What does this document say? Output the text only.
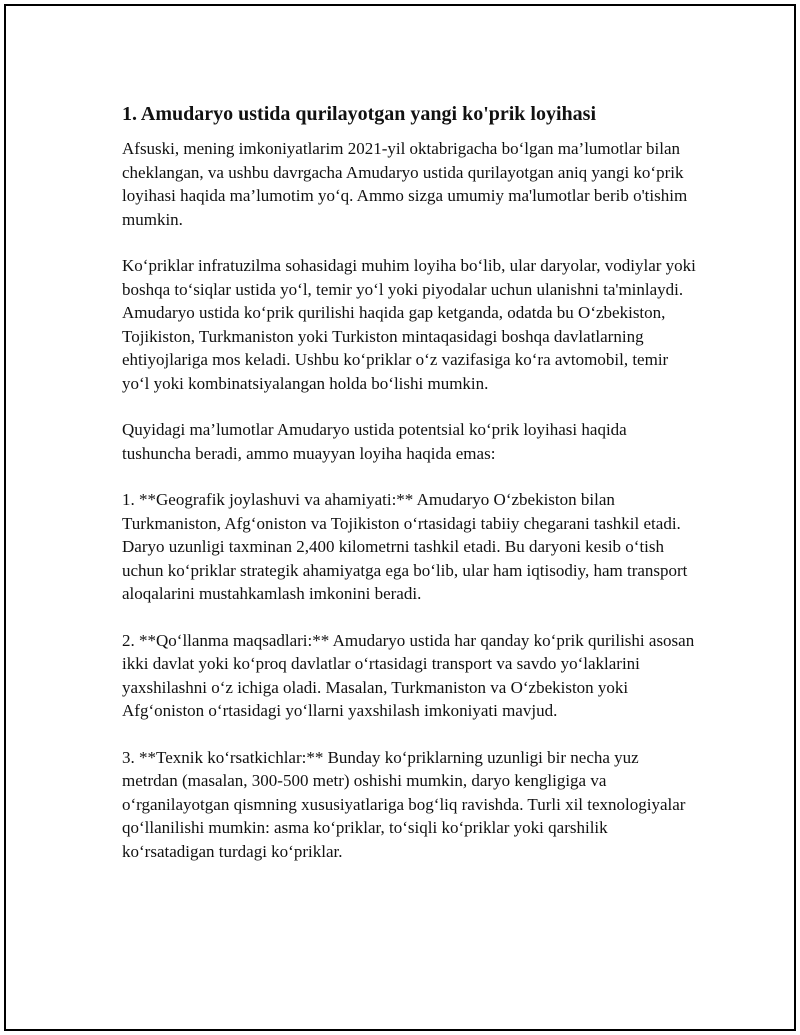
1. Amudaryo ustida qurilayotgan yangi ko'prik loyihasi

Afsuski, mening imkoniyatlarim 2021-yil oktabrigacha bo‘lgan ma’lumotlar bilan cheklangan, va ushbu davrgacha Amudaryo ustida qurilayotgan aniq yangi ko‘prik loyihasi haqida ma’lumotim yo‘q. Ammo sizga umumiy ma'lumotlar berib o'tishim mumkin.

Ko‘priklar infratuzilma sohasidagi muhim loyiha bo‘lib, ular daryolar, vodiylar yoki boshqa to‘siqlar ustida yo‘l, temir yo‘l yoki piyodalar uchun ulanishni ta'minlaydi. Amudaryo ustida ko‘prik qurilishi haqida gap ketganda, odatda bu O‘zbekiston, Tojikiston, Turkmaniston yoki Turkiston mintaqasidagi boshqa davlatlarning ehtiyojlariga mos keladi. Ushbu ko‘priklar o‘z vazifasiga ko‘ra avtomobil, temir yo‘l yoki kombinatsiyalangan holda bo‘lishi mumkin.

Quyidagi ma’lumotlar Amudaryo ustida potentsial ko‘prik loyihasi haqida tushuncha beradi, ammo muayyan loyiha haqida emas:

1. **Geografik joylashuvi va ahamiyati:** Amudaryo O‘zbekiston bilan Turkmaniston, Afg‘oniston va Tojikiston o‘rtasidagi tabiiy chegarani tashkil etadi. Daryo uzunligi taxminan 2,400 kilometrni tashkil etadi. Bu daryoni kesib o‘tish uchun ko‘priklar strategik ahamiyatga ega bo‘lib, ular ham iqtisodiy, ham transport aloqalarini mustahkamlash imkonini beradi.

2. **Qo‘llanma maqsadlari:** Amudaryo ustida har qanday ko‘prik qurilishi asosan ikki davlat yoki ko‘proq davlatlar o‘rtasidagi transport va savdo yo‘laklarini yaxshilashni o‘z ichiga oladi. Masalan, Turkmaniston va O‘zbekiston yoki Afg‘oniston o‘rtasidagi yo‘llarni yaxshilash imkoniyati mavjud.

3. **Texnik ko‘rsatkichlar:** Bunday ko‘priklarning uzunligi bir necha yuz metrdan (masalan, 300-500 metr) oshishi mumkin, daryo kengligiga va o‘rganilayotgan qismning xususiyatlariga bog‘liq ravishda. Turli xil texnologiyalar qo‘llanilishi mumkin: asma ko‘priklar, to‘siqli ko‘priklar yoki qarshilik ko‘rsatadigan turdagi ko‘priklar.
